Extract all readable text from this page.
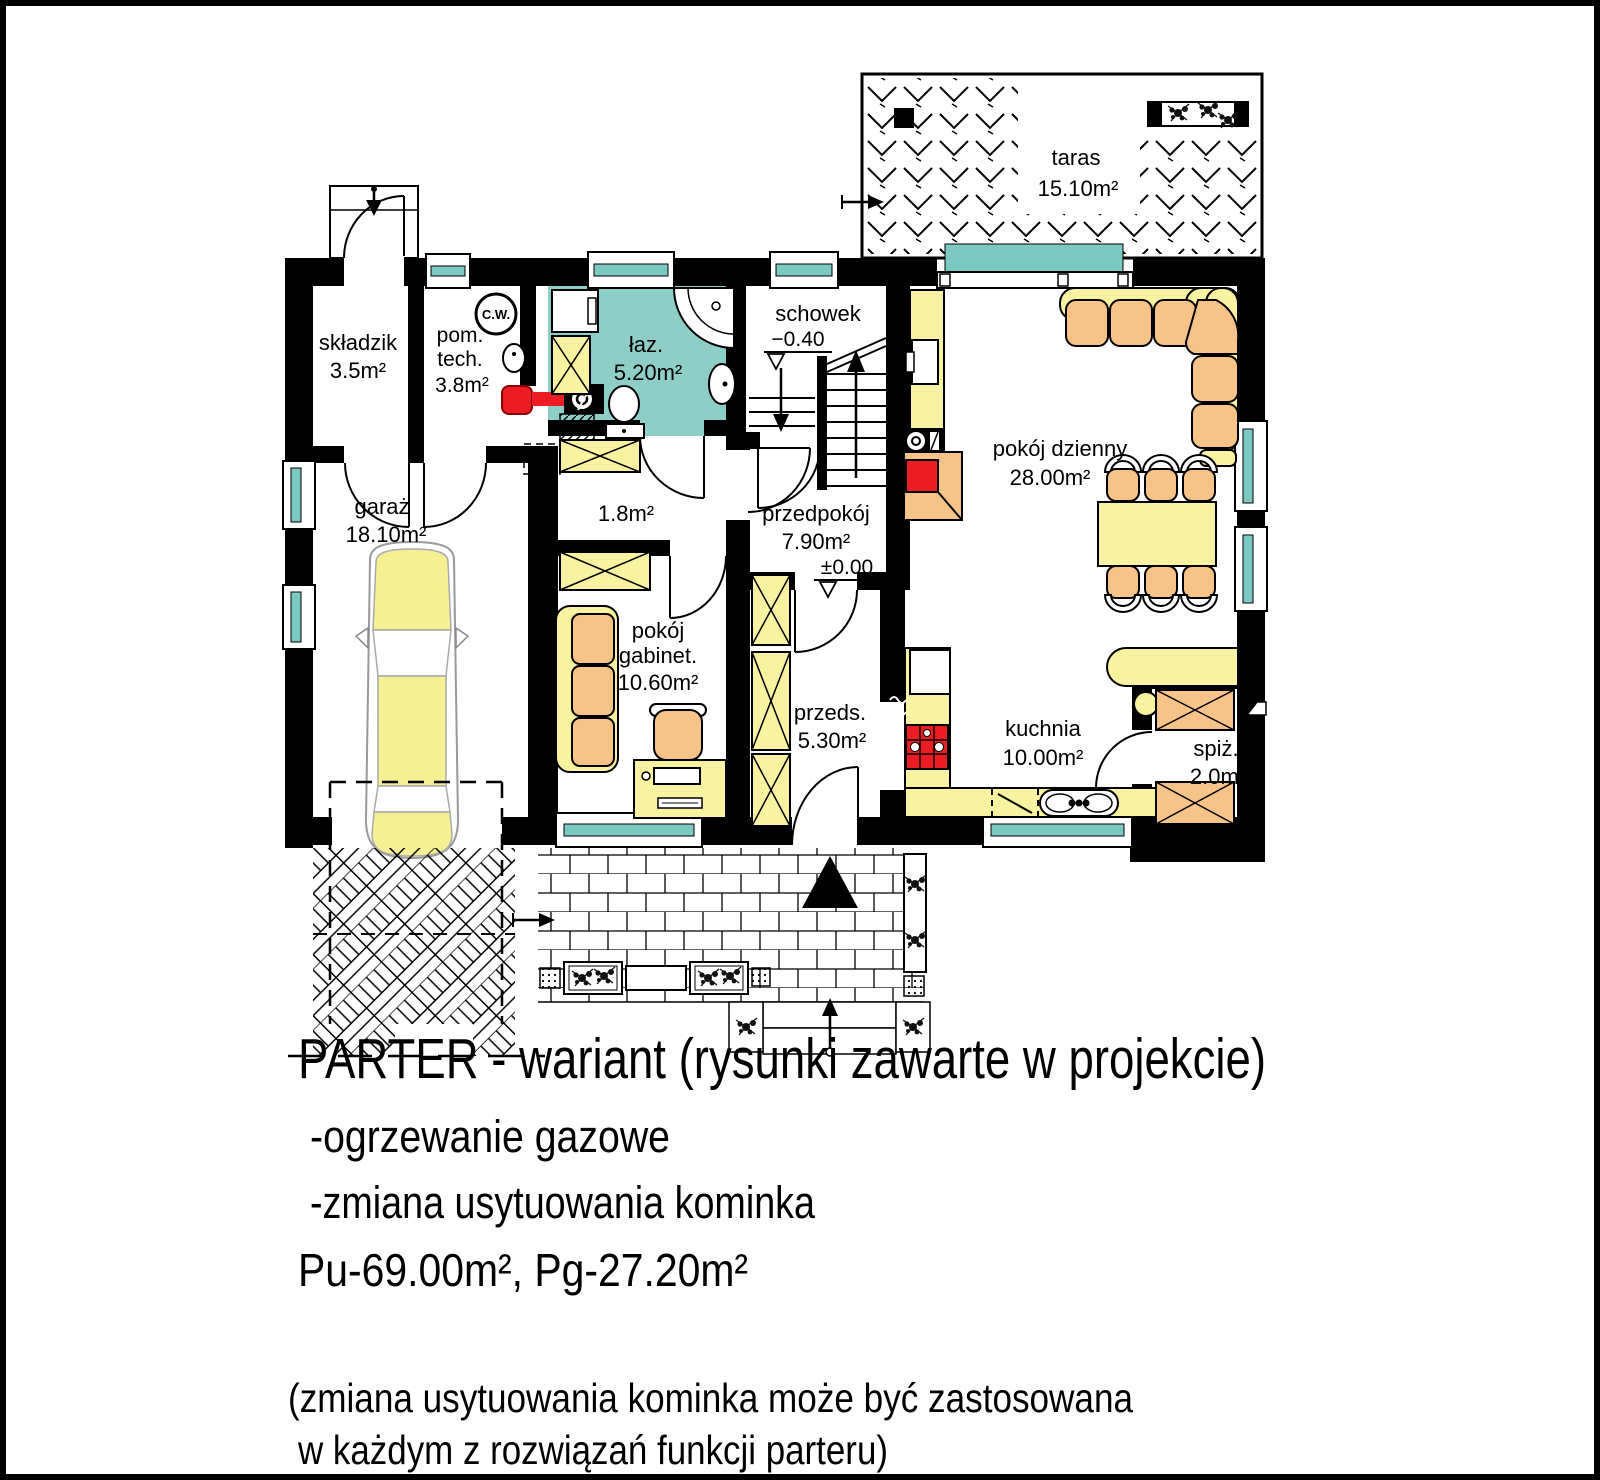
C.W.
taras
15.10m²
składzik
3.5m²
pom.
tech.
3.8m²
łaz.
5.20m²
schowek
−0.40
garaż
18.10m²
1.8m²	przedpokój
7.90m²
±0.00
pokój
gabinet.
10.60m²
przeds.
5.30m²
pokój dzienny
28.00m²
kuchnia
10.00m²	spiż.
2.0m²
PARTER - wariant (rysunki zawarte w projekcie)
-ogrzewanie gazowe
-zmiana usytuowania kominka
Pu-69.00m², Pg-27.20m²
(zmiana usytuowania kominka może być zastosowana
w każdym z rozwiązań funkcji parteru)
